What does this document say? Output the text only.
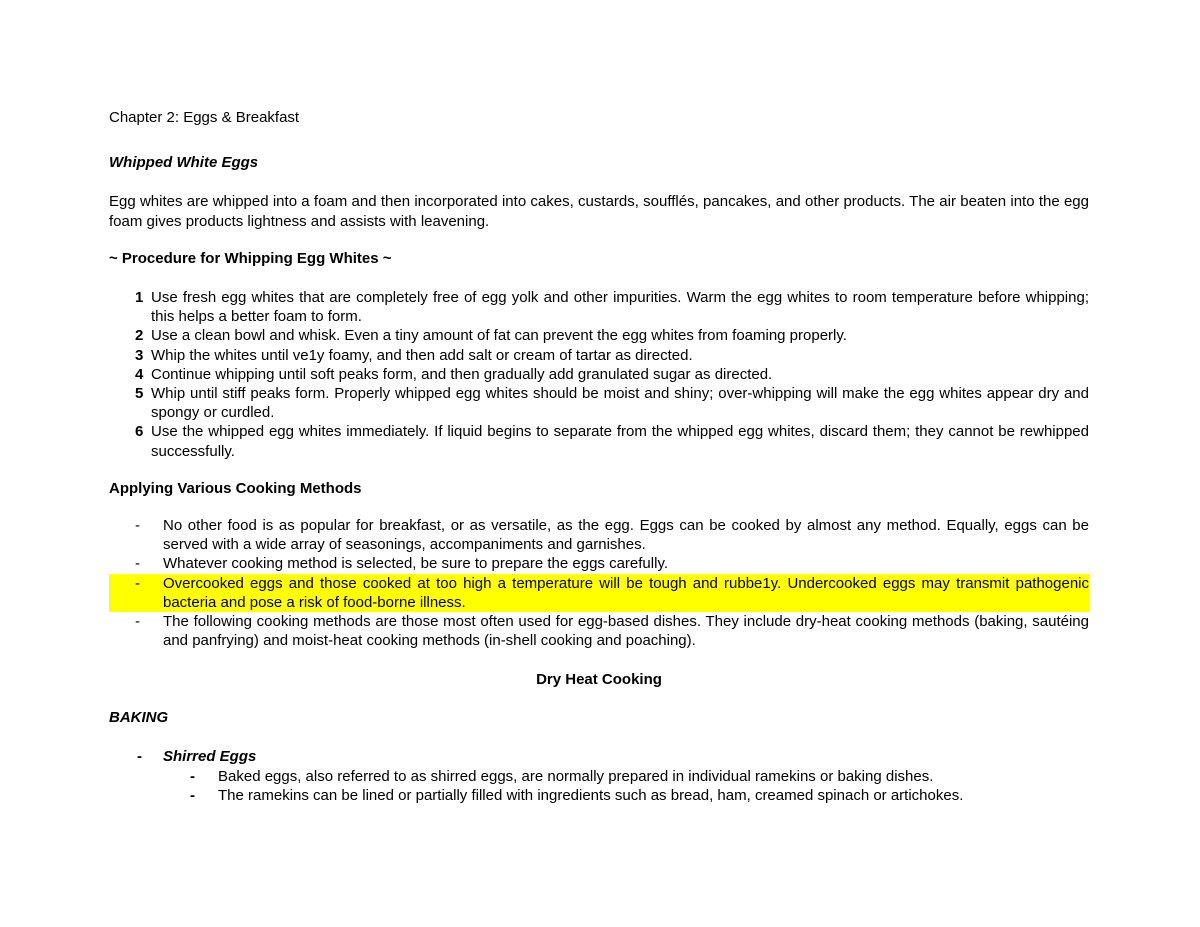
Chapter 2: Eggs & Breakfast

Whipped White Eggs

Egg whites are whipped into a foam and then incorporated into cakes, custards, soufflés, pancakes, and other products. The air beaten into the egg foam gives products lightness and assists with leavening.

~ Procedure for Whipping Egg Whites ~

1 Use fresh egg whites that are completely free of egg yolk and other impurities. Warm the egg whites to room temperature before whipping; this helps a better foam to form.
2 Use a clean bowl and whisk. Even a tiny amount of fat can prevent the egg whites from foaming properly.
3 Whip the whites until ve1y foamy, and then add salt or cream of tartar as directed.
4 Continue whipping until soft peaks form, and then gradually add granulated sugar as directed.
5 Whip until stiff peaks form. Properly whipped egg whites should be moist and shiny; over-whipping will make the egg whites appear dry and spongy or curdled.
6 Use the whipped egg whites immediately. If liquid begins to separate from the whipped egg whites, discard them; they cannot be rewhipped successfully.

Applying Various Cooking Methods

- No other food is as popular for breakfast, or as versatile, as the egg. Eggs can be cooked by almost any method. Equally, eggs can be served with a wide array of seasonings, accompaniments and garnishes.
- Whatever cooking method is selected, be sure to prepare the eggs carefully.
- Overcooked eggs and those cooked at too high a temperature will be tough and rubbe1y. Undercooked eggs may transmit pathogenic bacteria and pose a risk of food-borne illness.
- The following cooking methods are those most often used for egg-based dishes. They include dry-heat cooking methods (baking, sautéing and panfrying) and moist-heat cooking methods (in-shell cooking and poaching).

Dry Heat Cooking

BAKING

- Shirred Eggs
- Baked eggs, also referred to as shirred eggs, are normally prepared in individual ramekins or baking dishes.
- The ramekins can be lined or partially filled with ingredients such as bread, ham, creamed spinach or artichokes.
